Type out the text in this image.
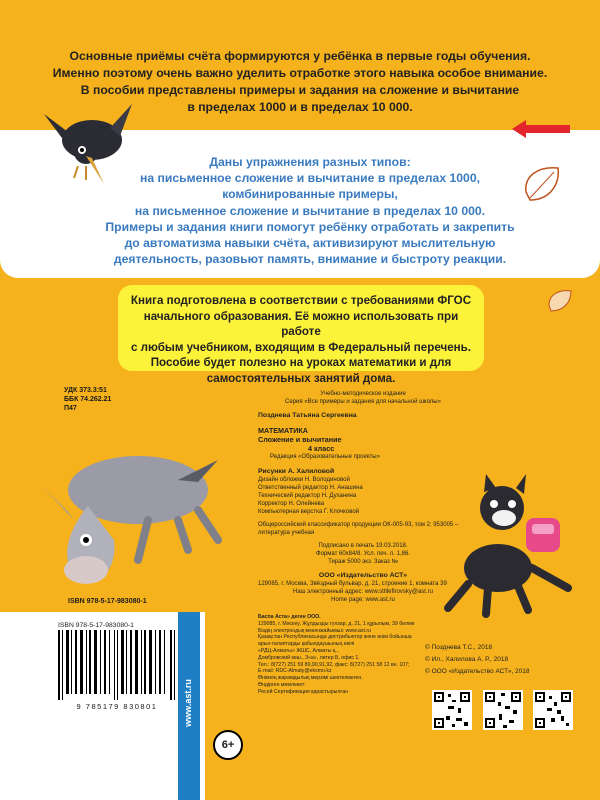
Основные приёмы счёта формируются у ребёнка в первые годы обучения.
Именно поэтому очень важно уделить отработке этого навыка особое внимание.
В пособии представлены примеры и задания на сложение и вычитание
в пределах 1000 и в пределах 10 000.
Даны упражнения разных типов:
на письменное сложение и вычитание в пределах 1000,
комбинированные примеры,
на письменное сложение и вычитание в пределах 10 000.
Примеры и задания книги помогут ребёнку отработать и закрепить
до автоматизма навыки счёта, активизируют мыслительную
деятельность, разовьют память, внимание и быстроту реакции.
Книга подготовлена в соответствии с требованиями ФГОС
начального образования. Её можно использовать при работе
с любым учебником, входящим в Федеральный перечень.
Пособие будет полезно на уроках математики и для
самостоятельных занятий дома.
УДК 373.3:51
ББК 74.262.21
П47
Учебно-методическое издание
Серия «Все примеры и задания для начальной школы»
Позднева Татьяна Сергеевна
МАТЕМАТИКА
Сложение и вычитание
4 класс
Редакция «Образовательные проекты»
Рисунки А. Халиловой
Дизайн обложки Н. Володиновой
Ответственный редактор Н. Анашина
Технический редактор Н. Духанина
Корректор Н. Олейнева
Компьютерная верстка Г. Клочковой
Общероссийский классификатор продукции ОК-005-93, том 2; 953005 – литература учебная
Подписано в печать 19.03.2018.
Формат 60х84/8. Усл. печ. л. 1,86.
Тираж 5000 экз. Заказ №
ООО «Издательство АСТ»
129085, г. Москва, Звёздный бульвар, д. 21, строение 1, комната 39
Наш электронный адрес: www.sttllefirovsky@ast.ru
Home page: www.ast.ru
ISBN 978-5-17-983080-1
ISBN 978-5-17-983080-1
9 785179 830801	www.ast.ru
6+
Баспа Аста» деген ООО.
129085, г. Мәскеу, Жұлдызды гүлзар, д. 21, 1 құрылым, 39 бөлме
Біздің электрондық мекенжайымыз: www.ast.ru
Қазақстан Республикасында дистрибьютор және өнім бойынша
арыз-талаптарды қабылдаушының өкілі
«РДЦ-Алматы» ЖШС, Алматы қ.,
Домбровский көш., 3«а», литер Б, офис 1.
Тел.: 8(727) 251 59 89,90,91,92, факс: 8(727) 251 58 12 вн. 107;
E-mail: RDC-Almaty@eksmo.kz
Өнімнің жарамдылық мерзімі шектелмеген.
Өндірген мемлекет:
Ресей Сертификация қарастырылған
© Позднева Т.С., 2018
© Ил., Халилова А. Р., 2018
© ООО «Издательство АСТ», 2018
